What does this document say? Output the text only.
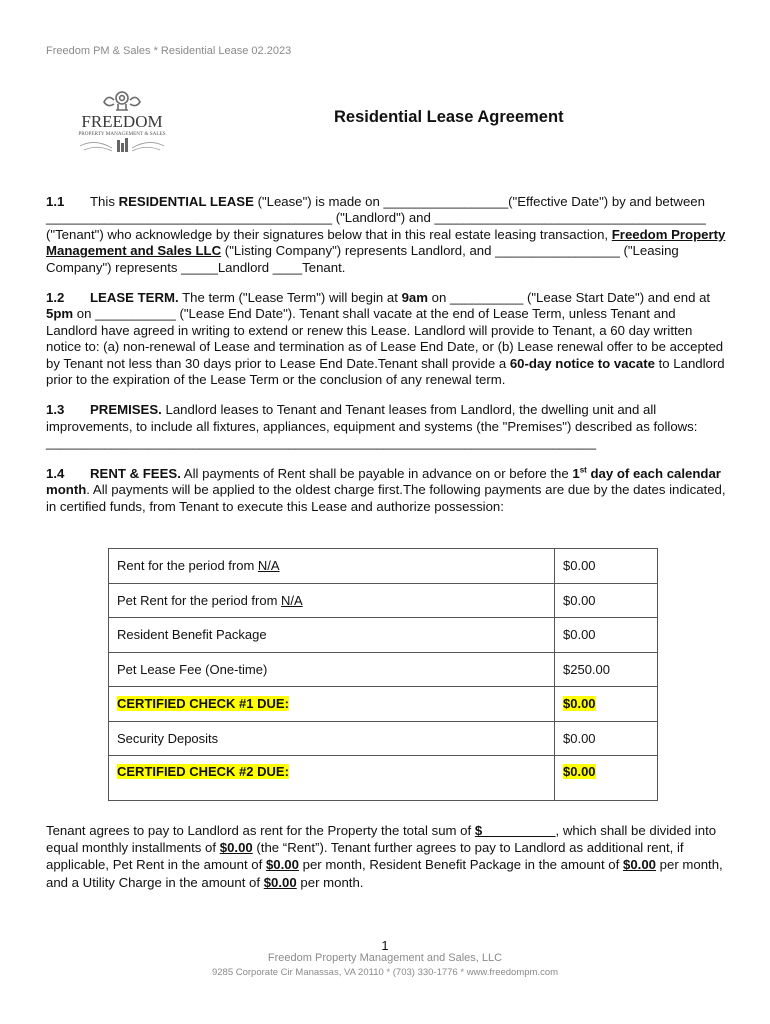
Freedom PM & Sales * Residential Lease 02.2023
FREEDOM
PROPERTY MANAGEMENT & SALES
Residential Lease Agreement

1.1 This RESIDENTIAL LEASE ("Lease") is made on _________________("Effective Date") by and between _______________________________________ ("Landlord") and _____________________________________ ("Tenant") who acknowledge by their signatures below that in this real estate leasing transaction, Freedom Property Management and Sales LLC ("Listing Company") represents Landlord, and _________________ ("Leasing Company") represents _____Landlord ____Tenant.

1.2 LEASE TERM. The term ("Lease Term") will begin at 9am on __________ ("Lease Start Date") and end at 5pm on ___________ ("Lease End Date"). Tenant shall vacate at the end of Lease Term, unless Tenant and Landlord have agreed in writing to extend or renew this Lease. Landlord will provide to Tenant, a 60 day written notice to: (a) non-renewal of Lease and termination as of Lease End Date, or (b) Lease renewal offer to be accepted by Tenant not less than 30 days prior to Lease End Date.Tenant shall provide a 60-day notice to vacate to Landlord prior to the expiration of the Lease Term or the conclusion of any renewal term.

1.3 PREMISES. Landlord leases to Tenant and Tenant leases from Landlord, the dwelling unit and all improvements, to include all fixtures, appliances, equipment and systems (the "Premises") described as follows: ___________________________________________________________________________

1.4 RENT & FEES. All payments of Rent shall be payable in advance on or before the 1st day of each calendar month. All payments will be applied to the oldest charge first.The following payments are due by the dates indicated, in certified funds, from Tenant to execute this Lease and authorize possession:

Rent for the period from N/A	$0.00
Pet Rent for the period from N/A	$0.00
Resident Benefit Package	$0.00
Pet Lease Fee (One-time)	$250.00
CERTIFIED CHECK #1 DUE:	$0.00
Security Deposits	$0.00
CERTIFIED CHECK #2 DUE:	$0.00
Tenant agrees to pay to Landlord as rent for the Property the total sum of $__________, which shall be divided into equal monthly installments of $0.00 (the “Rent”). Tenant further agrees to pay to Landlord as additional rent, if applicable, Pet Rent in the amount of $0.00 per month, Resident Benefit Package in the amount of $0.00 per month, and a Utility Charge in the amount of $0.00 per month.
1
Freedom Property Management and Sales, LLC
9285 Corporate Cir Manassas, VA 20110 * (703) 330-1776 * www.freedompm.com
